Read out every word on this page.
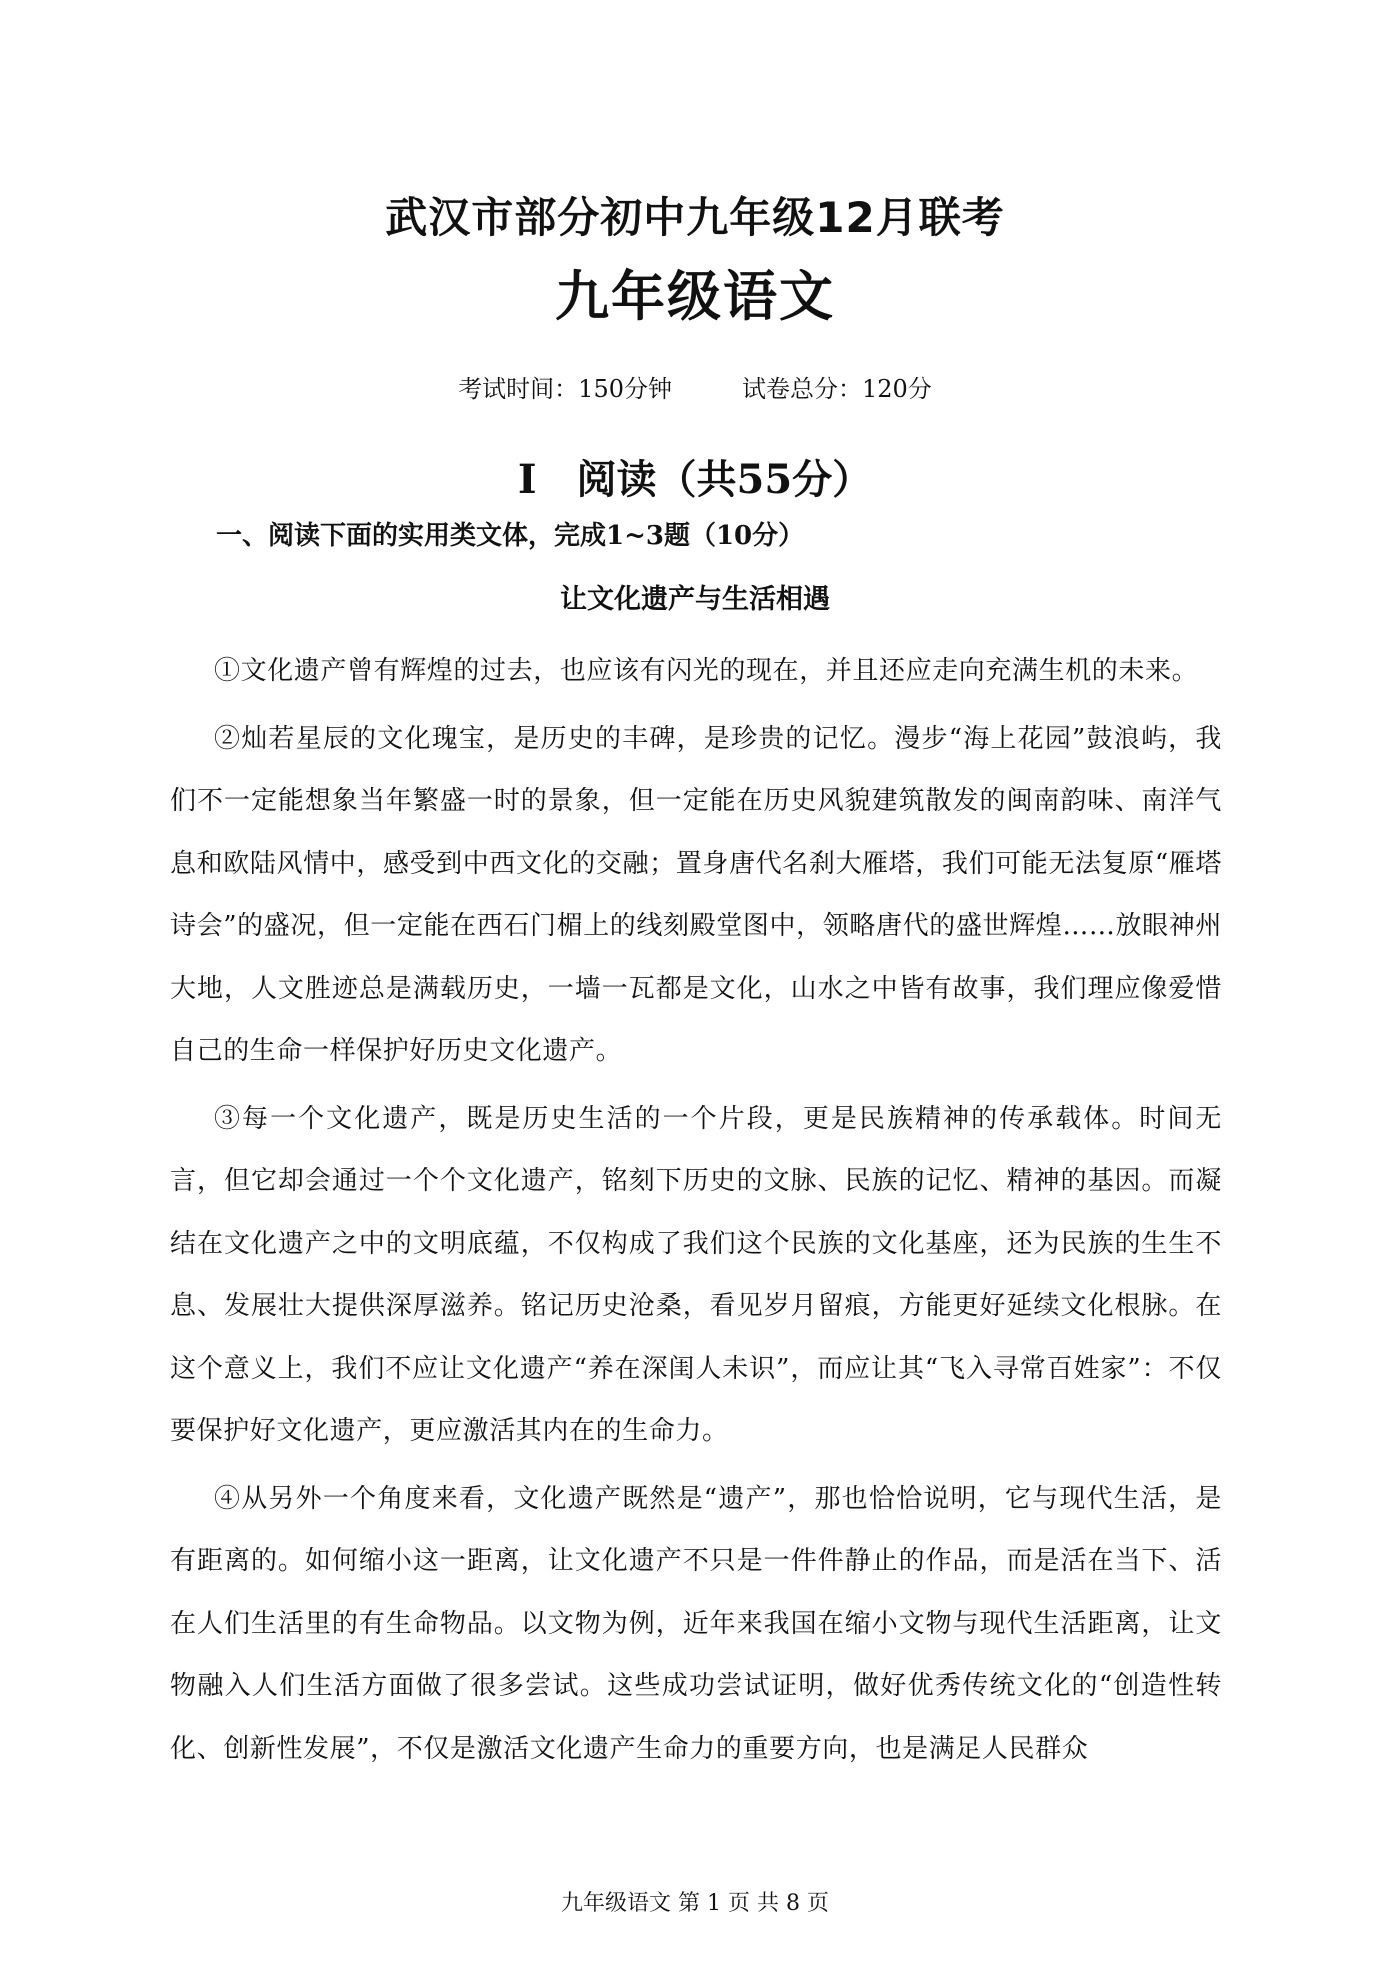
武汉市部分初中九年级12月联考
九年级语文
考试时间：150分钟	试卷总分：120分
I　阅读（共55分）
一、阅读下面的实用类文体，完成1~3题（10分）
让文化遗产与生活相遇

①文化遗产曾有辉煌的过去，也应该有闪光的现在，并且还应走向充满生机的未来。

②灿若星辰的文化瑰宝，是历史的丰碑，是珍贵的记忆。漫步“海上花园”鼓浪屿，我们不一定能想象当年繁盛一时的景象，但一定能在历史风貌建筑散发的闽南韵味、南洋气息和欧陆风情中，感受到中西文化的交融；置身唐代名刹大雁塔，我们可能无法复原“雁塔诗会”的盛况，但一定能在西石门楣上的线刻殿堂图中，领略唐代的盛世辉煌……放眼神州大地，人文胜迹总是满载历史，一墙一瓦都是文化，山水之中皆有故事，我们理应像爱惜自己的生命一样保护好历史文化遗产。

③每一个文化遗产，既是历史生活的一个片段，更是民族精神的传承载体。时间无言，但它却会通过一个个文化遗产，铭刻下历史的文脉、民族的记忆、精神的基因。而凝结在文化遗产之中的文明底蕴，不仅构成了我们这个民族的文化基座，还为民族的生生不息、发展壮大提供深厚滋养。铭记历史沧桑，看见岁月留痕，方能更好延续文化根脉。在这个意义上，我们不应让文化遗产“养在深闺人未识”，而应让其“飞入寻常百姓家”：不仅要保护好文化遗产，更应激活其内在的生命力。

④从另外一个角度来看，文化遗产既然是“遗产”，那也恰恰说明，它与现代生活，是有距离的。如何缩小这一距离，让文化遗产不只是一件件静止的作品，而是活在当下、活在人们生活里的有生命物品。以文物为例，近年来我国在缩小文物与现代生活距离，让文物融入人们生活方面做了很多尝试。这些成功尝试证明，做好优秀传统文化的“创造性转化、创新性发展”，不仅是激活文化遗产生命力的重要方向，也是满足人民群众

九年级语文 第 1 页 共 8 页
